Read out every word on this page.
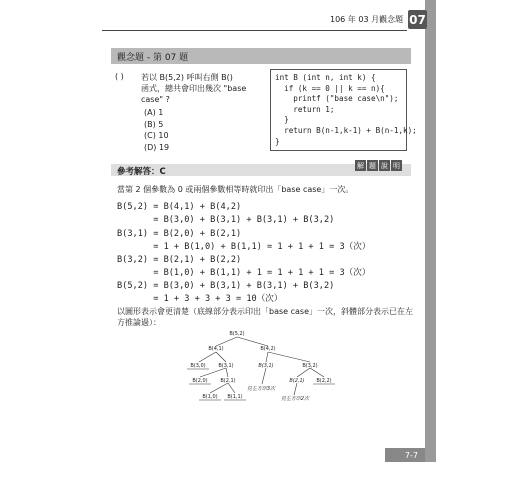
106 年 03 月觀念題 07
觀念題 - 第 07 題
( ) 若以 B(5,2) 呼叫右側 B()
函式，總共會印出幾次 "base
case" ?
(A) 1
(B) 5
(C) 10
(D) 19
int B (int n, int k) {
if (k == 0 || k == n){
printf ("base case\n");
return 1;
}
return B(n-1,k-1) + B(n-1,k);
}
參考解答：C
解 題 說 明
當第 2 個參數為 0 或兩個參數相等時就印出「base case」一次。
B(5,2) = B(4,1) + B(4,2)
= B(3,0) + B(3,1) + B(3,1) + B(3,2)
B(3,1) = B(2,0) + B(2,1)
= 1 + B(1,0) + B(1,1) = 1 + 1 + 1 = 3（次）
B(3,2) = B(2,1) + B(2,2)
= B(1,0) + B(1,1) + 1 = 1 + 1 + 1 = 3（次）
B(5,2) = B(3,0) + B(3,1) + B(3,1) + B(3,2)
= 1 + 3 + 3 + 3 = 10（次）
以圖形表示會更清楚（底線部分表示印出「base case」一次，斜體部分表示已在左方推論過）：
B(5,2)
B(4,1)	B(4,2)
B(3,0)	B(3,1)	B(3,1)	B(3,2)
B(2,0)	B(2,1)	B(2,1) B(2,2)
B(1,0) B(1,1)
見左方印3次
見左方印2次
7-7
